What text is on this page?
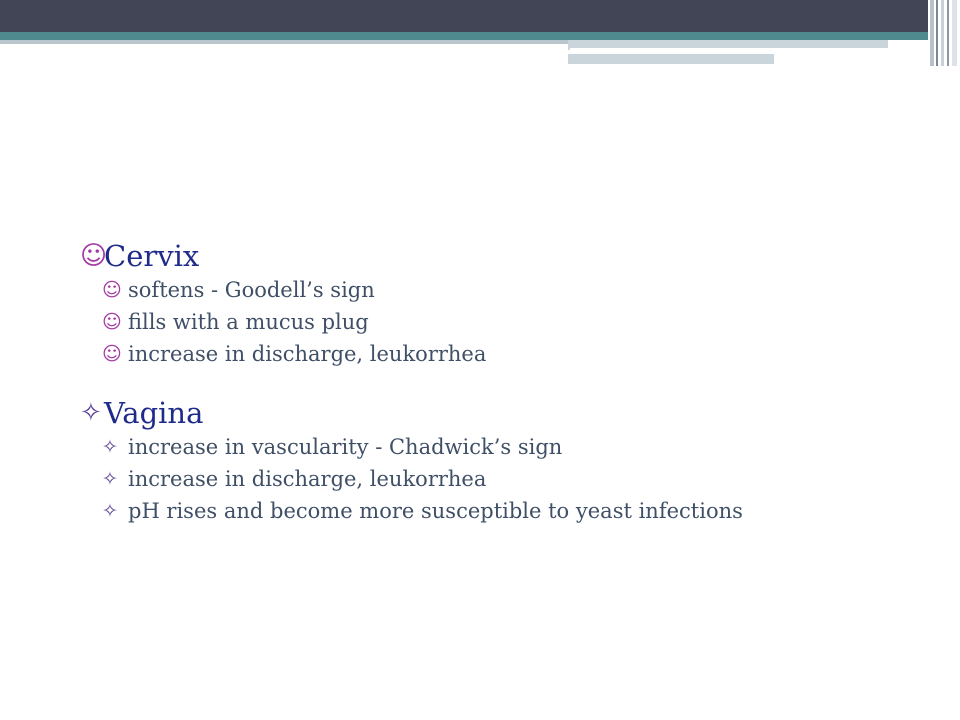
☺
Cervix
☺ softens - Goodell’s sign
☺ fills with a mucus plug
☺ increase in discharge, leukorrhea
✧ Vagina
✧ increase in vascularity - Chadwick’s sign
✧ increase in discharge, leukorrhea
✧ pH rises and become more susceptible to yeast infections
